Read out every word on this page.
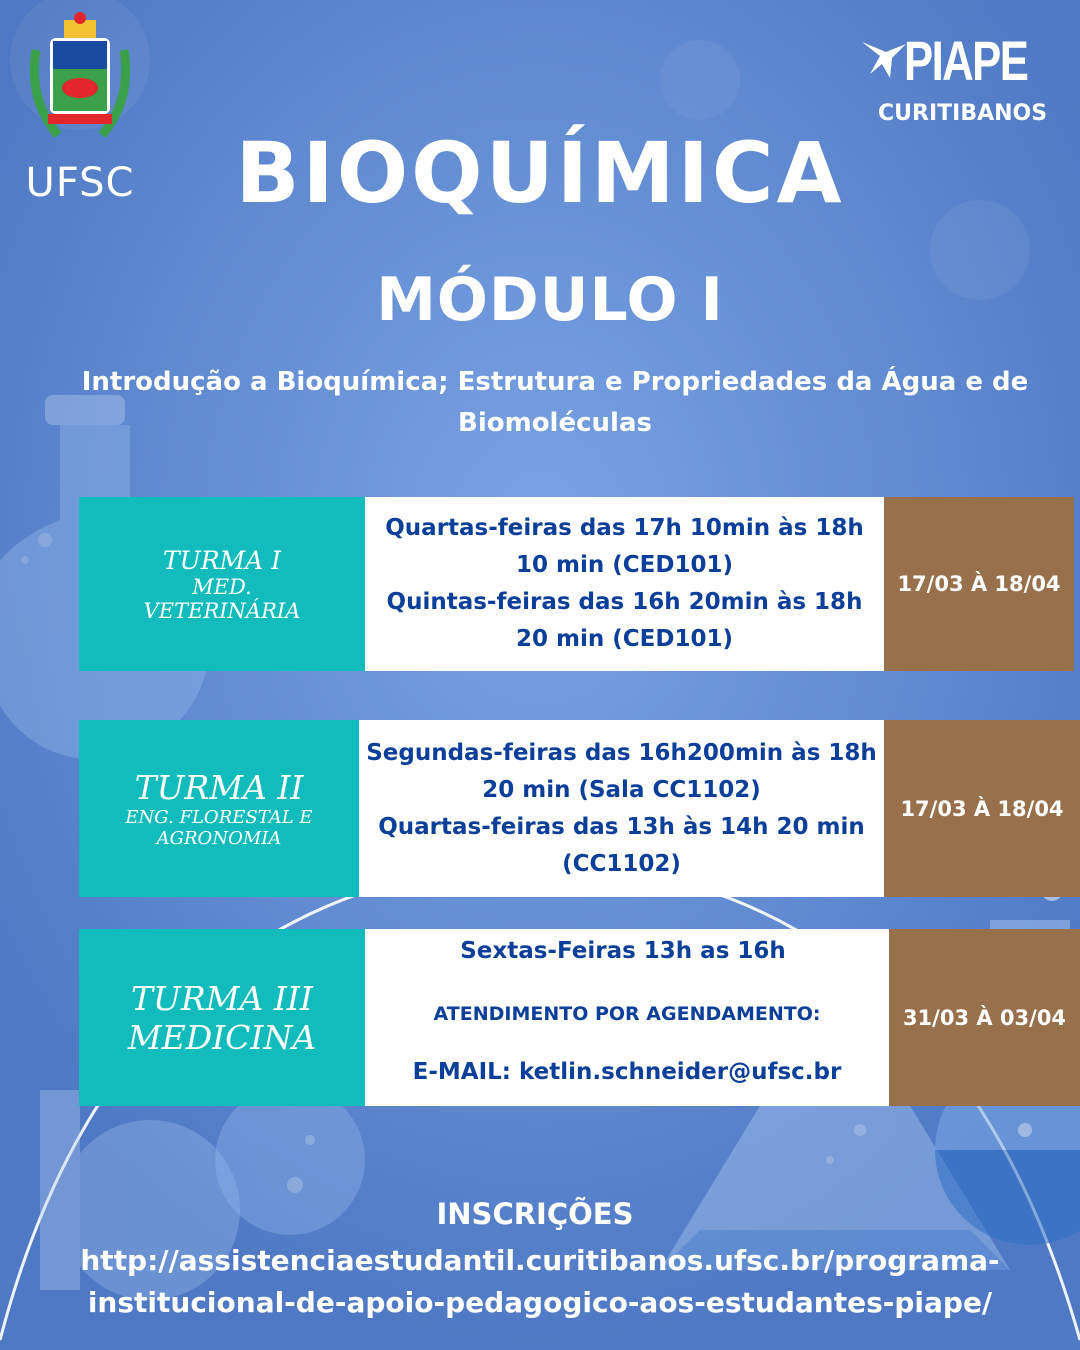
UFSC
PIAPE
CURITIBANOS
BIOQUÍMICA
MÓDULO I
Introdução a Bioquímica; Estrutura e Propriedades da Água e de
Biomoléculas
TURMA I
MED.
VETERINÁRIA
Quartas-feiras das 17h 10min às 18h
10 min (CED101)
Quintas-feiras das 16h 20min às 18h
20 min (CED101)
17/03 À 18/04
TURMA II
ENG. FLORESTAL E
AGRONOMIA
Segundas-feiras das 16h200min às 18h
20 min (Sala CC1102)
Quartas-feiras das 13h às 14h 20 min
(CC1102)
17/03 À 18/04
TURMA III
MEDICINA
Sextas-Feiras 13h as 16h
ATENDIMENTO POR AGENDAMENTO:
E-MAIL: ketlin.schneider@ufsc.br
31/03 À 03/04
INSCRIÇÕES
http://assistenciaestudantil.curitibanos.ufsc.br/programa-
institucional-de-apoio-pedagogico-aos-estudantes-piape/
